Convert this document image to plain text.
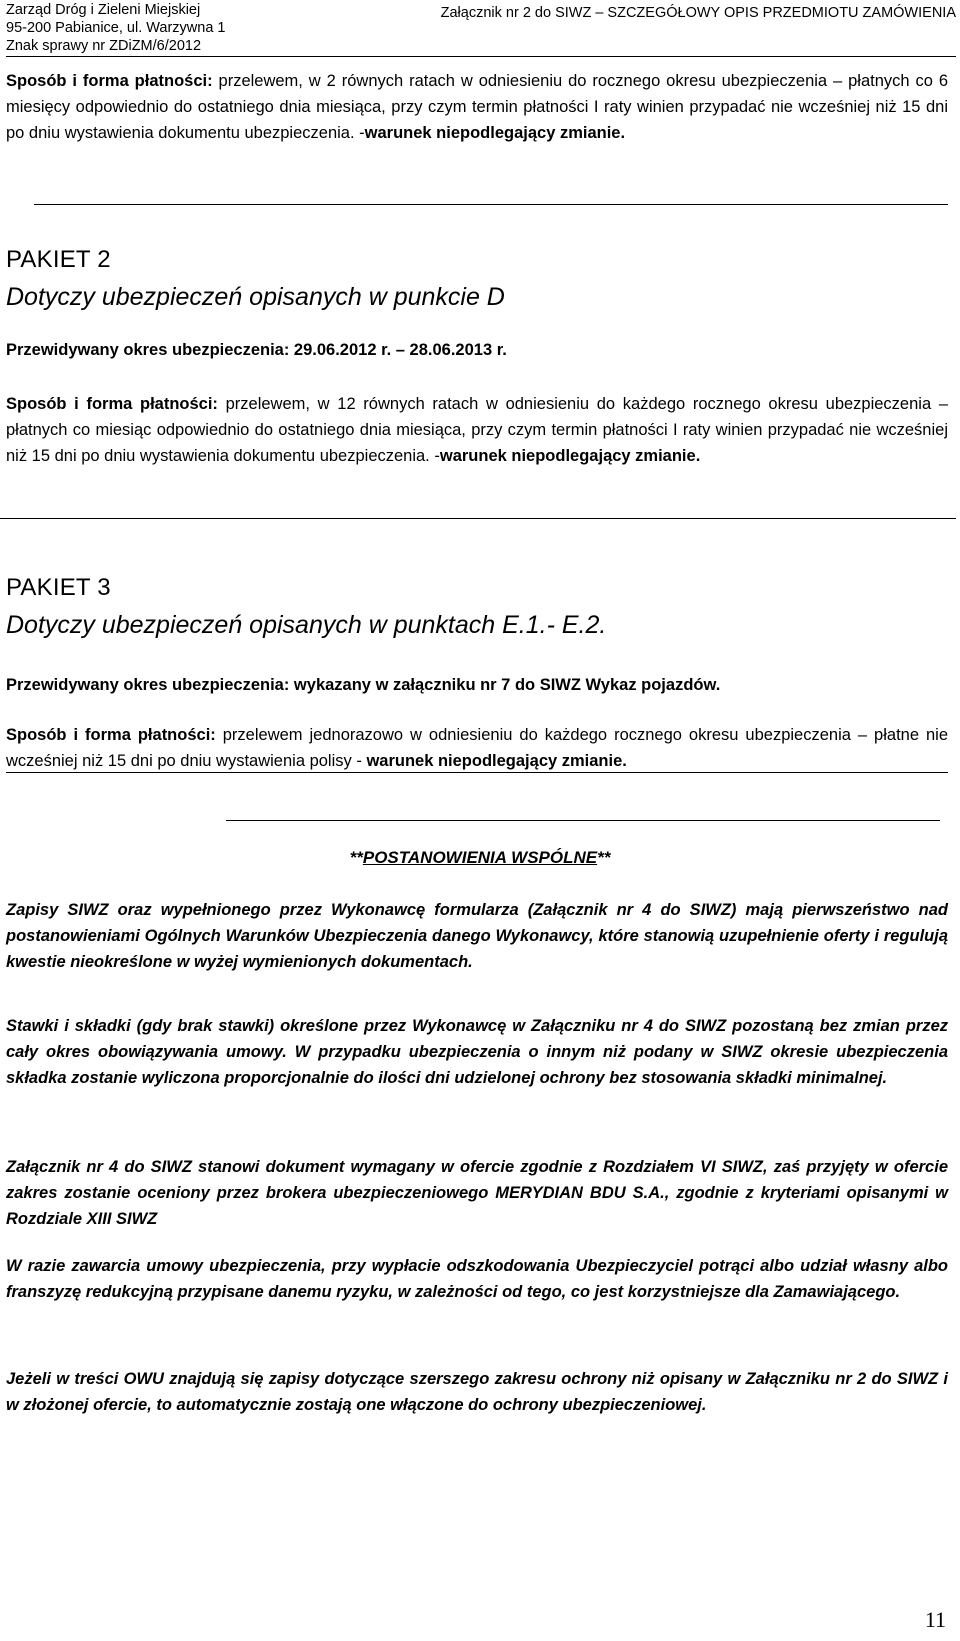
Zarząd Dróg i Zieleni Miejskiej
95-200 Pabianice, ul. Warzywna 1
Znak sprawy nr ZDiZM/6/2012
Załącznik nr 2 do SIWZ – SZCZEGÓŁOWY OPIS PRZEDMIOTU ZAMÓWIENIA
Sposób i forma płatności: przelewem, w 2 równych ratach w odniesieniu do rocznego okresu ubezpieczenia – płatnych co 6 miesięcy odpowiednio do ostatniego dnia miesiąca, przy czym termin płatności I raty winien przypadać nie wcześniej niż 15 dni po dniu wystawienia dokumentu ubezpieczenia. -warunek niepodlegający zmianie.
PAKIET 2
Dotyczy ubezpieczeń opisanych w punkcie D
Przewidywany okres ubezpieczenia: 29.06.2012 r. – 28.06.2013 r.
Sposób i forma płatności: przelewem, w 12 równych ratach w odniesieniu do każdego rocznego okresu ubezpieczenia – płatnych co miesiąc odpowiednio do ostatniego dnia miesiąca, przy czym termin płatności I raty winien przypadać nie wcześniej niż 15 dni po dniu wystawienia dokumentu ubezpieczenia. -warunek niepodlegający zmianie.
PAKIET 3
Dotyczy ubezpieczeń opisanych w punktach E.1.- E.2.
Przewidywany okres ubezpieczenia: wykazany w załączniku nr 7 do SIWZ Wykaz pojazdów.
Sposób i forma płatności: przelewem jednorazowo w odniesieniu do każdego rocznego okresu ubezpieczenia – płatne nie wcześniej niż 15 dni po dniu wystawienia polisy - warunek niepodlegający zmianie.
**POSTANOWIENIA WSPÓLNE**
Zapisy SIWZ oraz wypełnionego przez Wykonawcę formularza (Załącznik nr 4 do SIWZ) mają pierwszeństwo nad postanowieniami Ogólnych Warunków Ubezpieczenia danego Wykonawcy, które stanowią uzupełnienie oferty i regulują kwestie nieokreślone w wyżej wymienionych dokumentach.
Stawki i składki (gdy brak stawki) określone przez Wykonawcę w Załączniku nr 4 do SIWZ pozostaną bez zmian przez cały okres obowiązywania umowy. W przypadku ubezpieczenia o innym niż podany w SIWZ okresie ubezpieczenia składka zostanie wyliczona proporcjonalnie do ilości dni udzielonej ochrony bez stosowania składki minimalnej.
Załącznik nr 4 do SIWZ stanowi dokument wymagany w ofercie zgodnie z Rozdziałem VI SIWZ, zaś przyjęty w ofercie zakres zostanie oceniony przez brokera ubezpieczeniowego MERYDIAN BDU S.A., zgodnie z kryteriami opisanymi w Rozdziale XIII SIWZ
W razie zawarcia umowy ubezpieczenia, przy wypłacie odszkodowania Ubezpieczyciel potrąci albo udział własny albo franszyzę redukcyjną przypisane danemu ryzyku, w zależności od tego, co jest korzystniejsze dla Zamawiającego.
Jeżeli w treści OWU znajdują się zapisy dotyczące szerszego zakresu ochrony niż opisany w Załączniku nr 2 do SIWZ i w złożonej ofercie, to automatycznie zostają one włączone do ochrony ubezpieczeniowej.
11
